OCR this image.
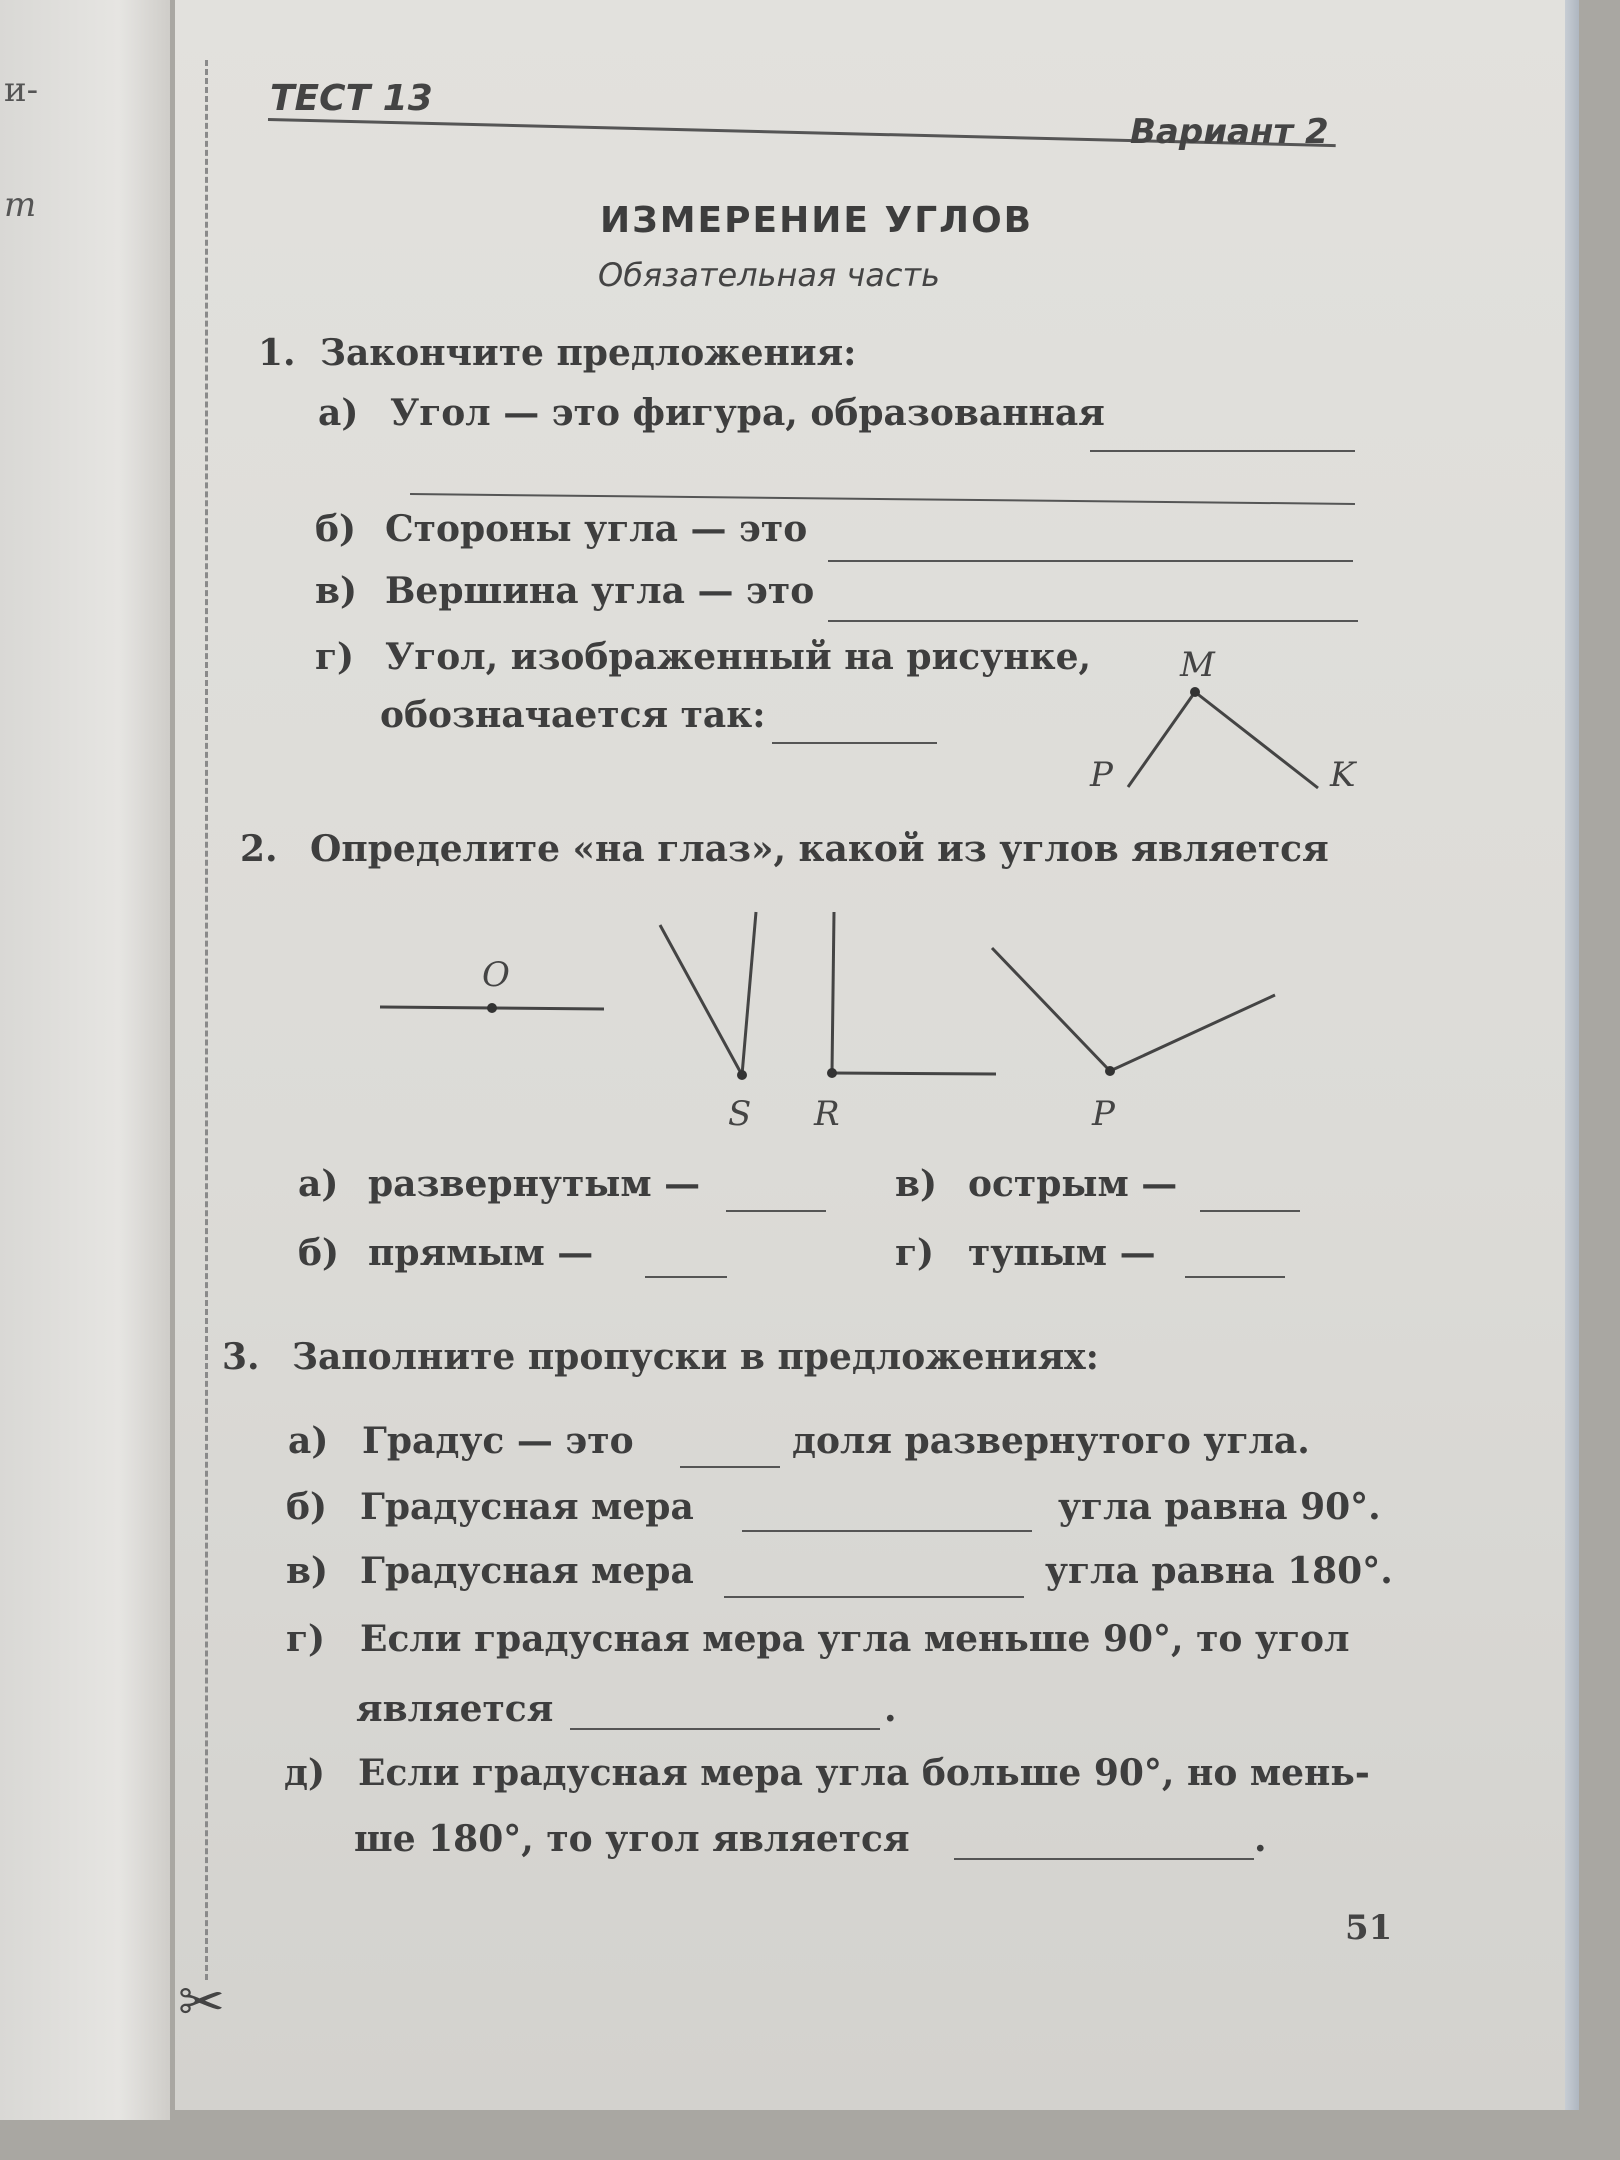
и-
т
✂
ТЕСТ 13
Вариант 2
ИЗМЕРЕНИЕ УГЛОВ
Обязательная часть
1. Закончите предложения:
а) Угол — это фигура, образованная
б) Стороны угла — это
в) Вершина угла — это
г) Угол, изображенный на рисунке,
обозначается так:
2. Определите «на глаз», какой из углов является
а) развернутым —
б) прямым —
в) острым —
г) тупым —
3. Заполните пропуски в предложениях:
а) Градус — это	доля развернутого угла.
б) Градусная мера	угла равна 90°.
в) Градусная мера	угла равна 180°.
г) Если градусная мера угла меньше 90°, то угол
является	.
д) Если градусная мера угла больше 90°, но мень-
ше 180°, то угол является	.
51
M
P	K
O
S R	P
